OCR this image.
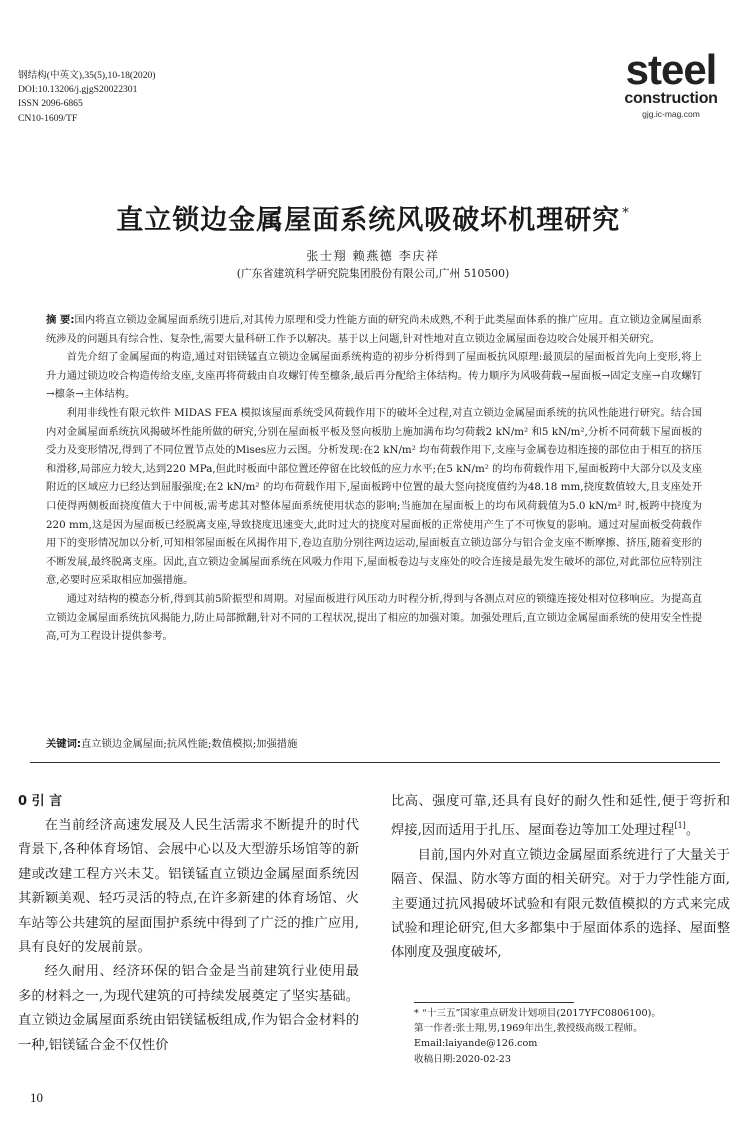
钢结构(中英文),35(5),10-18(2020)
DOI:10.13206/j.gjgS20022301
ISSN 2096-6865
CN10-1609/TF
steel
construction
gjg.ic-mag.com
直立锁边金属屋面系统风吸破坏机理研究 *
张士翔 赖燕德 李庆祥
(广东省建筑科学研究院集团股份有限公司,广州 510500)

摘 要:国内将直立锁边金属屋面系统引进后,对其传力原理和受力性能方面的研究尚未成熟,不利于此类屋面体系的推广应用。直立锁边金属屋面系统涉及的问题具有综合性、复杂性,需要大量科研工作予以解决。基于以上问题,针对性地对直立锁边金属屋面卷边咬合处展开相关研究。

首先介绍了金属屋面的构造,通过对铝镁锰直立锁边金属屋面系统构造的初步分析得到了屋面板抗风原理:最顶层的屋面板首先向上变形,将上升力通过锁边咬合构造传给支座,支座再将荷载由自攻螺钉传至檩条,最后再分配给主体结构。传力顺序为风吸荷载→屋面板→固定支座→自攻螺钉→檩条→主体结构。

利用非线性有限元软件 MIDAS FEA 模拟该屋面系统受风荷载作用下的破坏全过程,对直立锁边金属屋面系统的抗风性能进行研究。结合国内对金属屋面系统抗风揭破坏性能所做的研究,分别在屋面板平板及竖向板肋上施加满布均匀荷载2 kN/m² 和5 kN/m²,分析不同荷载下屋面板的受力及变形情况,得到了不同位置节点处的Mises应力云图。分析发现:在2 kN/m² 均布荷载作用下,支座与金属卷边相连接的部位由于相互的挤压和滑移,局部应力较大,达到220 MPa,但此时板面中部位置还停留在比较低的应力水平;在5 kN/m² 的均布荷载作用下,屋面板跨中大部分以及支座附近的区域应力已经达到屈服强度;在2 kN/m² 的均布荷载作用下,屋面板跨中位置的最大竖向挠度值约为48.18 mm,挠度数值较大,且支座处开口使得两侧板面挠度值大于中间板,需考虑其对整体屋面系统使用状态的影响;当施加在屋面板上的均布风荷载值为5.0 kN/m² 时,板跨中挠度为220 mm,这是因为屋面板已经脱离支座,导致挠度迅速变大,此时过大的挠度对屋面板的正常使用产生了不可恢复的影响。通过对屋面板受荷载作用下的变形情况加以分析,可知相邻屋面板在风揭作用下,卷边直肋分别往两边运动,屋面板直立锁边部分与铝合金支座不断摩擦、挤压,随着变形的不断发展,最终脱离支座。因此,直立锁边金属屋面系统在风吸力作用下,屋面板卷边与支座处的咬合连接是最先发生破坏的部位,对此部位应特别注意,必要时应采取相应加强措施。

通过对结构的模态分析,得到其前5阶振型和周期。对屋面板进行风压动力时程分析,得到与各测点对应的锁缝连接处相对位移响应。为提高直立锁边金属屋面系统抗风揭能力,防止局部掀翻,针对不同的工程状况,提出了相应的加强对策。加强处理后,直立锁边金属屋面系统的使用安全性提高,可为工程设计提供参考。

关键词:直立锁边金属屋面;抗风性能;数值模拟;加强措施
0 引 言

在当前经济高速发展及人民生活需求不断提升的时代背景下,各种体育场馆、会展中心以及大型游乐场馆等的新建或改建工程方兴未艾。铝镁锰直立锁边金属屋面系统因其新颖美观、轻巧灵活的特点,在许多新建的体育场馆、火车站等公共建筑的屋面围护系统中得到了广泛的推广应用,具有良好的发展前景。

经久耐用、经济环保的铝合金是当前建筑行业使用最多的材料之一,为现代建筑的可持续发展奠定了坚实基础。直立锁边金属屋面系统由铝镁锰板组成,作为铝合金材料的一种,铝镁锰合金不仅性价

比高、强度可靠,还具有良好的耐久性和延性,便于弯折和焊接,因而适用于扎压、屋面卷边等加工处理过程[1]。

目前,国内外对直立锁边金属屋面系统进行了大量关于隔音、保温、防水等方面的相关研究。对于力学性能方面,主要通过抗风揭破坏试验和有限元数值模拟的方式来完成试验和理论研究,但大多都集中于屋面体系的选择、屋面整体刚度及强度破坏,

* “十三五”国家重点研发计划项目(2017YFC0806100)。
第一作者:张士翔,男,1969年出生,教授级高级工程师。
Email:laiyande@126.com
收稿日期:2020-02-23
10
